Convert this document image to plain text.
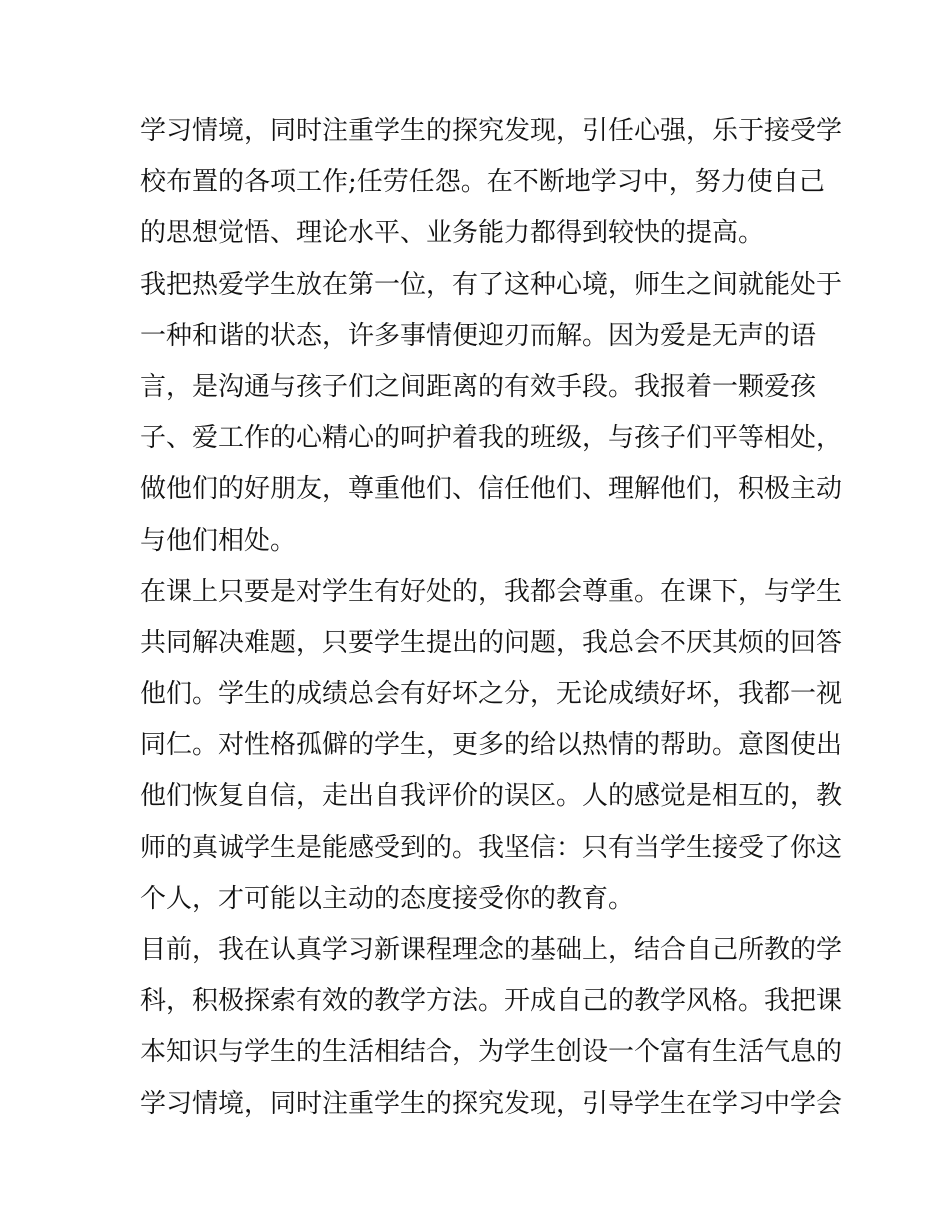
学习情境，同时注重学生的探究发现，引任心强，乐于接受学
校布置的各项工作;任劳任怨。在不断地学习中，努力使自己
的思想觉悟、理论水平、业务能力都得到较快的提高。
我把热爱学生放在第一位，有了这种心境，师生之间就能处于
一种和谐的状态，许多事情便迎刃而解。因为爱是无声的语
言，是沟通与孩子们之间距离的有效手段。我报着一颗爱孩
子、爱工作的心精心的呵护着我的班级，与孩子们平等相处，
做他们的好朋友，尊重他们、信任他们、理解他们，积极主动
与他们相处。
在课上只要是对学生有好处的，我都会尊重。在课下，与学生
共同解决难题，只要学生提出的问题，我总会不厌其烦的回答
他们。学生的成绩总会有好坏之分，无论成绩好坏，我都一视
同仁。对性格孤僻的学生，更多的给以热情的帮助。意图使出
他们恢复自信，走出自我评价的误区。人的感觉是相互的，教
师的真诚学生是能感受到的。我坚信：只有当学生接受了你这
个人，才可能以主动的态度接受你的教育。
目前，我在认真学习新课程理念的基础上，结合自己所教的学
科，积极探索有效的教学方法。开成自己的教学风格。我把课
本知识与学生的生活相结合，为学生创设一个富有生活气息的
学习情境，同时注重学生的探究发现，引导学生在学习中学会
